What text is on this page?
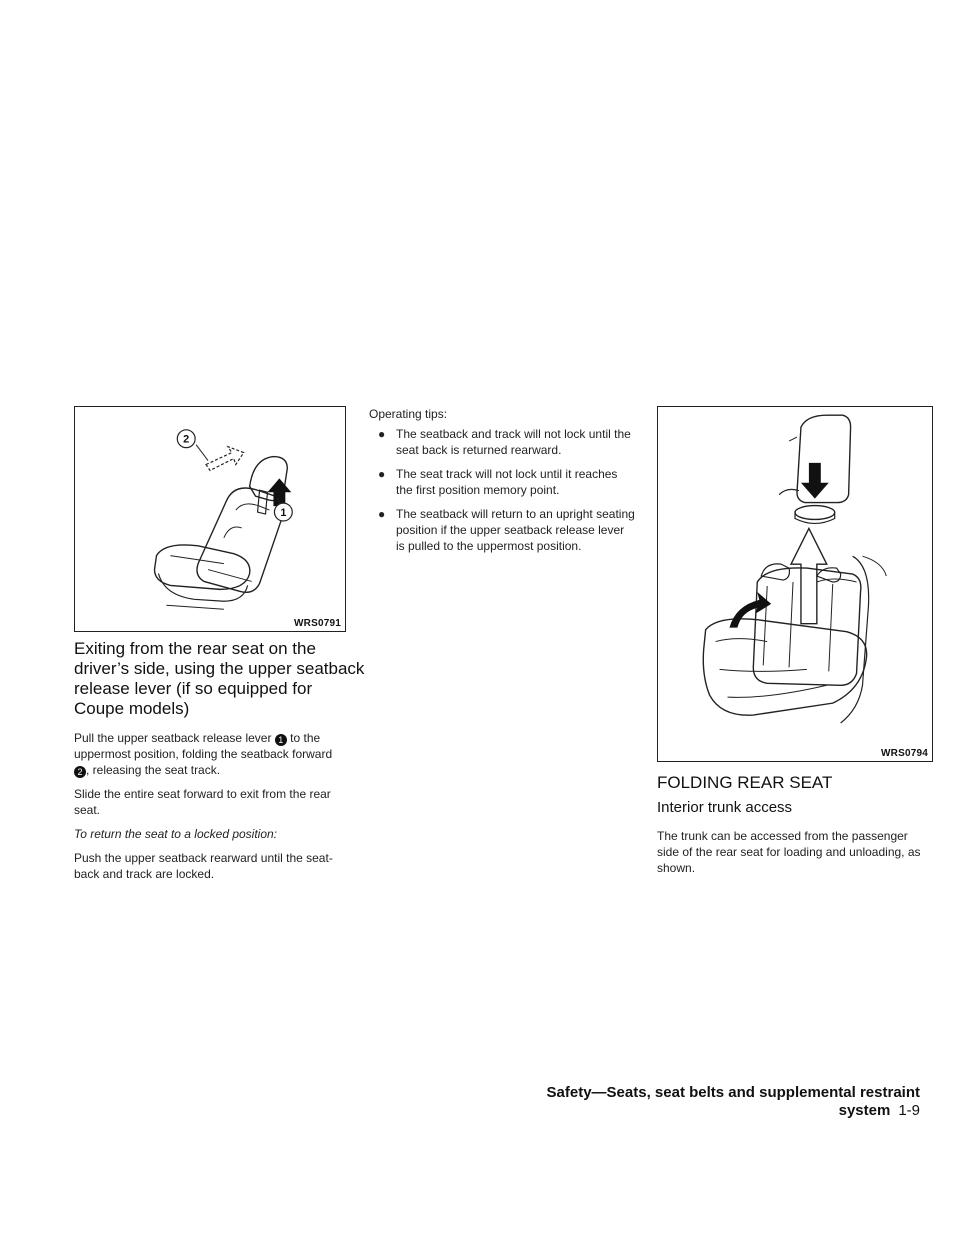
2
1
WRS0791
Exiting from the rear seat on the
driver’s side, using the upper seatback
release lever (if so equipped for
Coupe models)

Pull the upper seatback release lever 1 to the

uppermost position, folding the seatback forward

2 , releasing the seat track.

Slide the entire seat forward to exit from the rear

seat.

To return the seat to a locked position:

Push the upper seatback rearward until the seat-

back and track are locked.

Operating tips:

● The seatback and track will not lock until the
seat back is returned rearward.
● The seat track will not lock until it reaches
the first position memory point.
● The seatback will return to an upright seating
position if the upper seatback release lever
is pulled to the uppermost position.
WRS0794
FOLDING REAR SEAT
Interior trunk access

The trunk can be accessed from the passenger

side of the rear seat for loading and unloading, as

shown.

Safety—Seats, seat belts and supplemental restraint system 1-9
